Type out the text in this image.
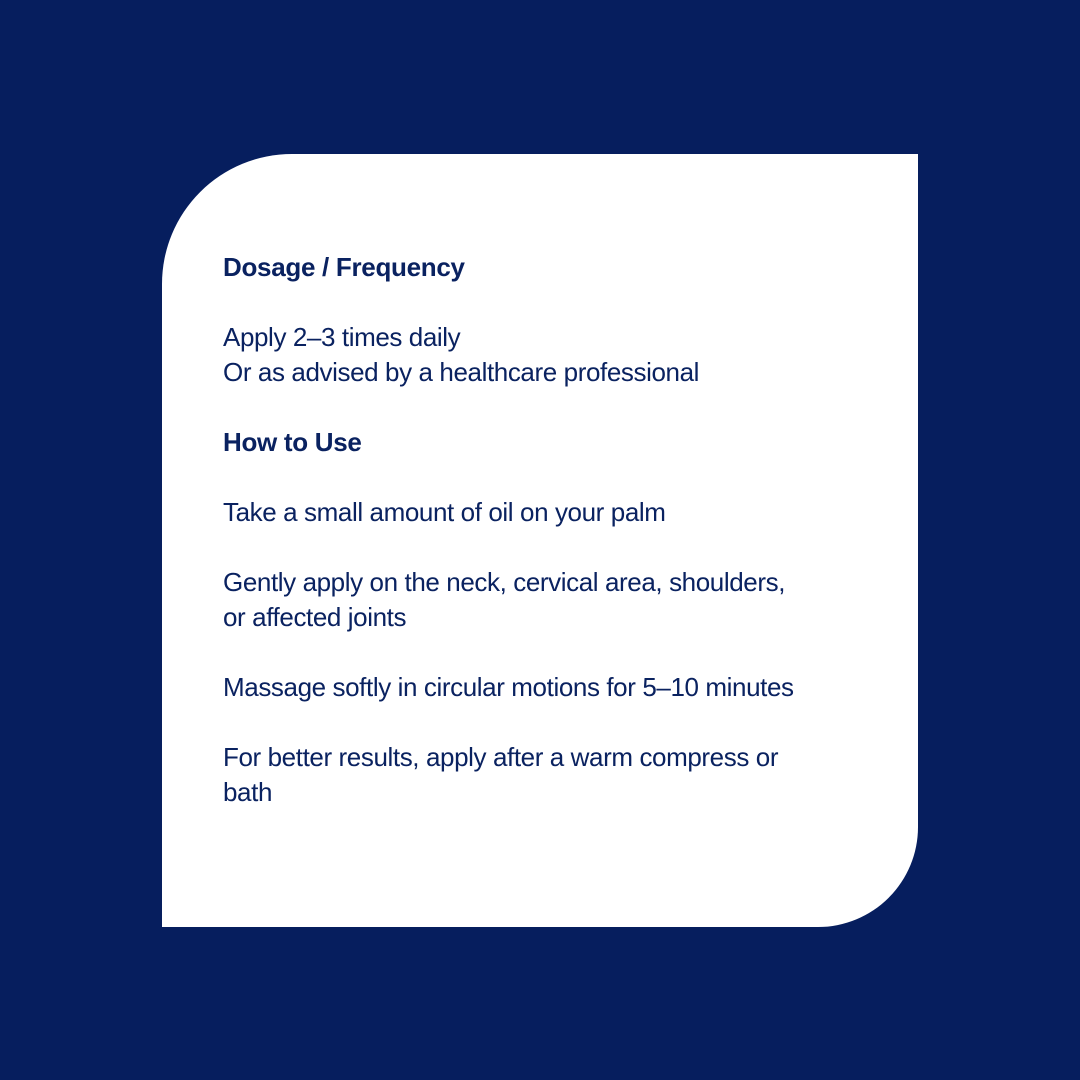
Dosage / Frequency

Apply 2–3 times daily

Or as advised by a healthcare professional

How to Use

Take a small amount of oil on your palm

Gently apply on the neck, cervical area, shoulders,

or affected joints

Massage softly in circular motions for 5–10 minutes

For better results, apply after a warm compress or

bath
